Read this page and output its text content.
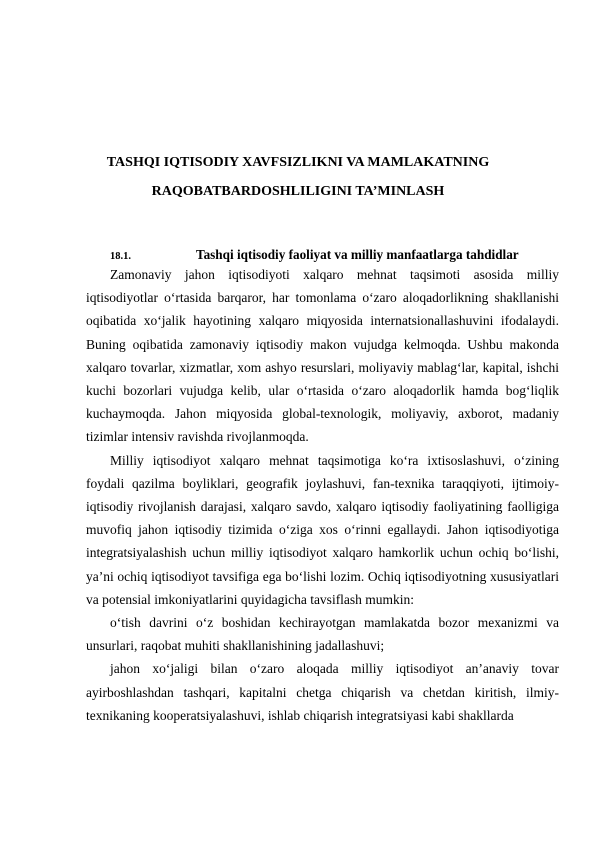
TASHQI IQTISODIY XAVFSIZLIKNI VA MAMLAKATNING
RAQOBATBARDOSHLILIGINI TA’MINLASH
18.1.	Tashqi iqtisodiy faoliyat va milliy manfaatlarga tahdidlar

Zamonaviy jahon iqtisodiyoti xalqaro mehnat taqsimoti asosida milliy iqtisodiyotlar o‘rtasida barqaror, har tomonlama o‘zaro aloqadorlikning shakllanishi oqibatida xo‘jalik hayotining xalqaro miqyosida internatsionallashuvini ifodalaydi. Buning oqibatida zamonaviy iqtisodiy makon vujudga kelmoqda. Ushbu makonda xalqaro tovarlar, xizmatlar, xom ashyo resurslari, moliyaviy mablag‘lar, kapital, ishchi kuchi bozorlari vujudga kelib, ular o‘rtasida o‘zaro aloqadorlik hamda bog‘liqlik kuchaymoqda. Jahon miqyosida global-texnologik, moliyaviy, axborot, madaniy tizimlar intensiv ravishda rivojlanmoqda.

Milliy iqtisodiyot xalqaro mehnat taqsimotiga ko‘ra ixtisoslashuvi, o‘zining foydali qazilma boyliklari, geografik joylashuvi, fan-texnika taraqqiyoti, ijtimoiy-iqtisodiy rivojlanish darajasi, xalqaro savdo, xalqaro iqtisodiy faoliyatining faolligiga muvofiq jahon iqtisodiy tizimida o‘ziga xos o‘rinni egallaydi. Jahon iqtisodiyotiga integratsiyalashish uchun milliy iqtisodiyot xalqaro hamkorlik uchun ochiq bo‘lishi, ya’ni ochiq iqtisodiyot tavsifiga ega bo‘lishi lozim. Ochiq iqtisodiyotning xususiyatlari va potensial imkoniyatlarini quyidagicha tavsiflash mumkin:

o‘tish davrini o‘z boshidan kechirayotgan mamlakatda bozor mexanizmi va unsurlari, raqobat muhiti shakllanishining jadallashuvi;

jahon xo‘jaligi bilan o‘zaro aloqada milliy iqtisodiyot an’anaviy tovar ayirboshlashdan tashqari, kapitalni chetga chiqarish va chetdan kiritish, ilmiy-texnikaning kooperatsiyalashuvi, ishlab chiqarish integratsiyasi kabi shakllarda
